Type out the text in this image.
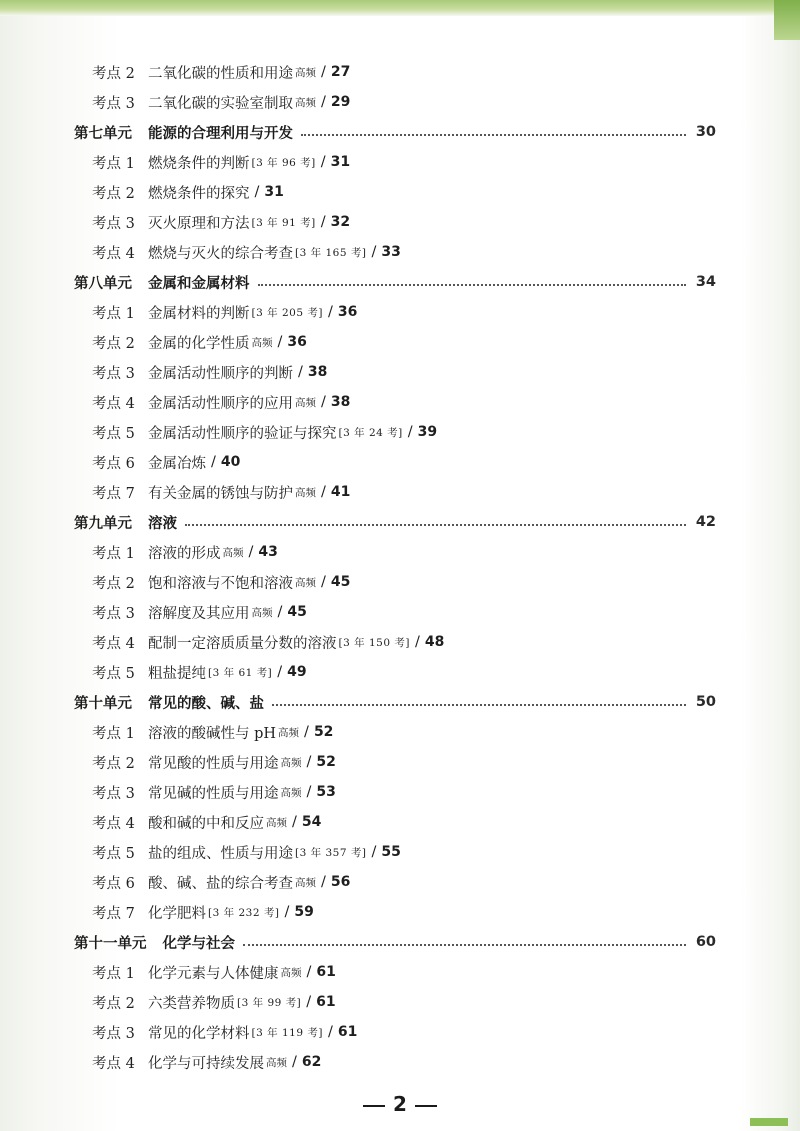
考点 2 二氧化碳的性质和用途 高频 / 27
考点 3 二氧化碳的实验室制取 高频 / 29
第七单元 能源的合理利用与开发	30
考点 1 燃烧条件的判断 [3 年 96 考] / 31
考点 2 燃烧条件的探究 / 31
考点 3 灭火原理和方法 [3 年 91 考] / 32
考点 4 燃烧与灭火的综合考查 [3 年 165 考] / 33
第八单元 金属和金属材料	34
考点 1 金属材料的判断 [3 年 205 考] / 36
考点 2 金属的化学性质 高频 / 36
考点 3 金属活动性顺序的判断 / 38
考点 4 金属活动性顺序的应用 高频 / 38
考点 5 金属活动性顺序的验证与探究 [3 年 24 考] / 39
考点 6 金属冶炼 / 40
考点 7 有关金属的锈蚀与防护 高频 / 41
第九单元 溶液	42
考点 1 溶液的形成 高频 / 43
考点 2 饱和溶液与不饱和溶液 高频 / 45
考点 3 溶解度及其应用 高频 / 45
考点 4 配制一定溶质质量分数的溶液 [3 年 150 考] / 48
考点 5 粗盐提纯 [3 年 61 考] / 49
第十单元 常见的酸、碱、盐	50
考点 1 溶液的酸碱性与 pH 高频 / 52
考点 2 常见酸的性质与用途 高频 / 52
考点 3 常见碱的性质与用途 高频 / 53
考点 4 酸和碱的中和反应 高频 / 54
考点 5 盐的组成、性质与用途 [3 年 357 考] / 55
考点 6 酸、碱、盐的综合考查 高频 / 56
考点 7 化学肥料 [3 年 232 考] / 59
第十一单元 化学与社会	60
考点 1 化学元素与人体健康 高频 / 61
考点 2 六类营养物质 [3 年 99 考] / 61
考点 3 常见的化学材料 [3 年 119 考] / 61
考点 4 化学与可持续发展 高频 / 62
2
